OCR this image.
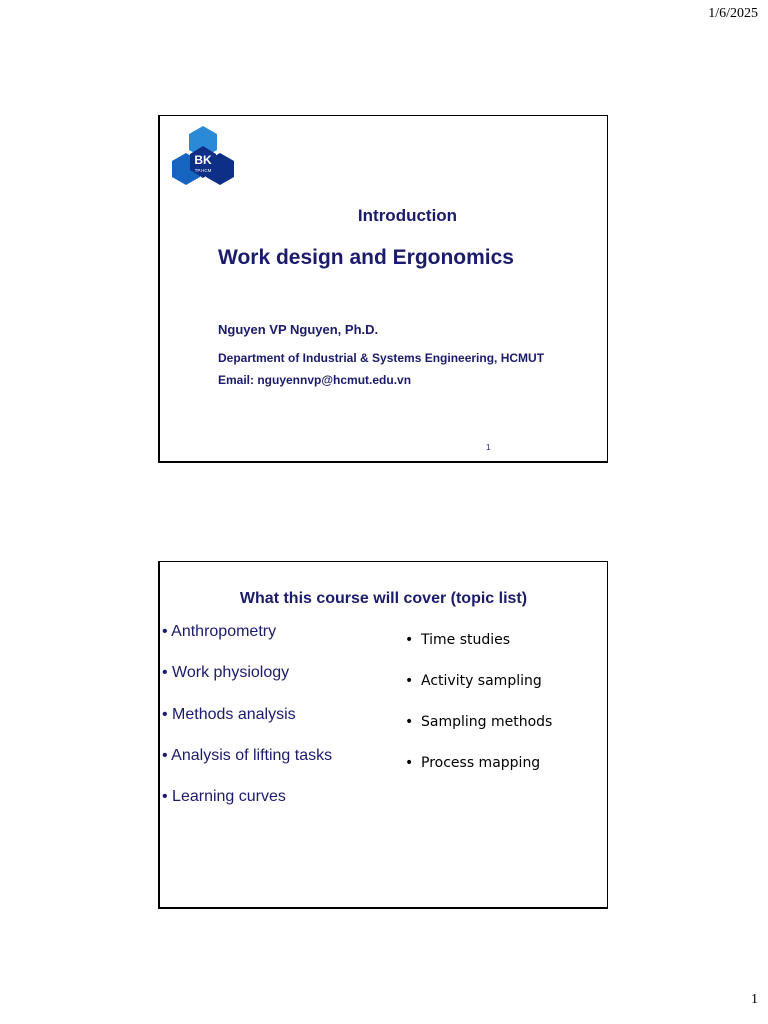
1/6/2025
BK
TP.HCM
Introduction
Work design and Ergonomics
Nguyen VP Nguyen, Ph.D.
Department of Industrial & Systems Engineering, HCMUT
Email: nguyennvp@hcmut.edu.vn
1
What this course will cover (topic list)
• Anthropometry
• Work physiology
• Methods analysis
• Analysis of lifting tasks
• Learning curves
• Time studies
• Activity sampling
• Sampling methods
• Process mapping
1
